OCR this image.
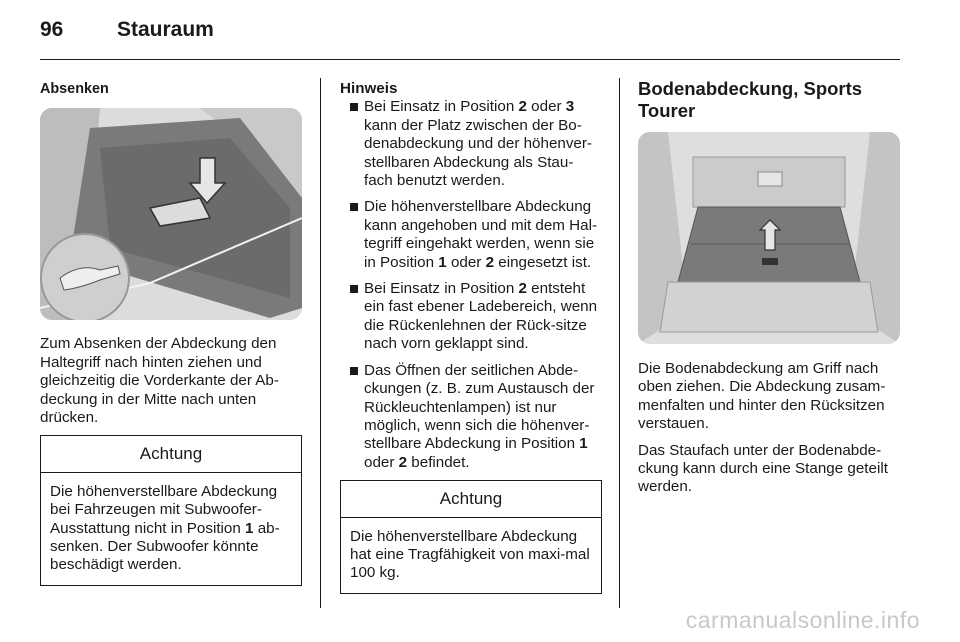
96	Stauraum
Absenken

Zum Absenken der Abdeckung den Haltegriff nach hinten ziehen und gleichzeitig die Vorderkante der Ab-deckung in der Mitte nach unten drücken.

Achtung
Die höhenverstellbare Abdeckung bei Fahrzeugen mit Subwoofer-Ausstattung nicht in Position 1 ab-senken. Der Subwoofer könnte beschädigt werden.
Hinweis
Bei Einsatz in Position 2 oder 3 kann der Platz zwischen der Bo-denabdeckung und der höhenver-stellbaren Abdeckung als Stau-fach benutzt werden.
Die höhenverstellbare Abdeckung kann angehoben und mit dem Hal-tegriff eingehakt werden, wenn sie in Position 1 oder 2 eingesetzt ist.
Bei Einsatz in Position 2 entsteht ein fast ebener Ladebereich, wenn die Rückenlehnen der Rück-sitze nach vorn geklappt sind.
Das Öffnen der seitlichen Abde-ckungen (z. B. zum Austausch der Rückleuchtenlampen) ist nur möglich, wenn sich die höhenver-stellbare Abdeckung in Position 1 oder 2 befindet.
Achtung
Die höhenverstellbare Abdeckung hat eine Tragfähigkeit von maxi-mal 100 kg.
Bodenabdeckung, Sports Tourer

Die Bodenabdeckung am Griff nach oben ziehen. Die Abdeckung zusam-menfalten und hinter den Rücksitzen verstauen.

Das Staufach unter der Bodenabde-ckung kann durch eine Stange geteilt werden.

carmanualsonline.info
